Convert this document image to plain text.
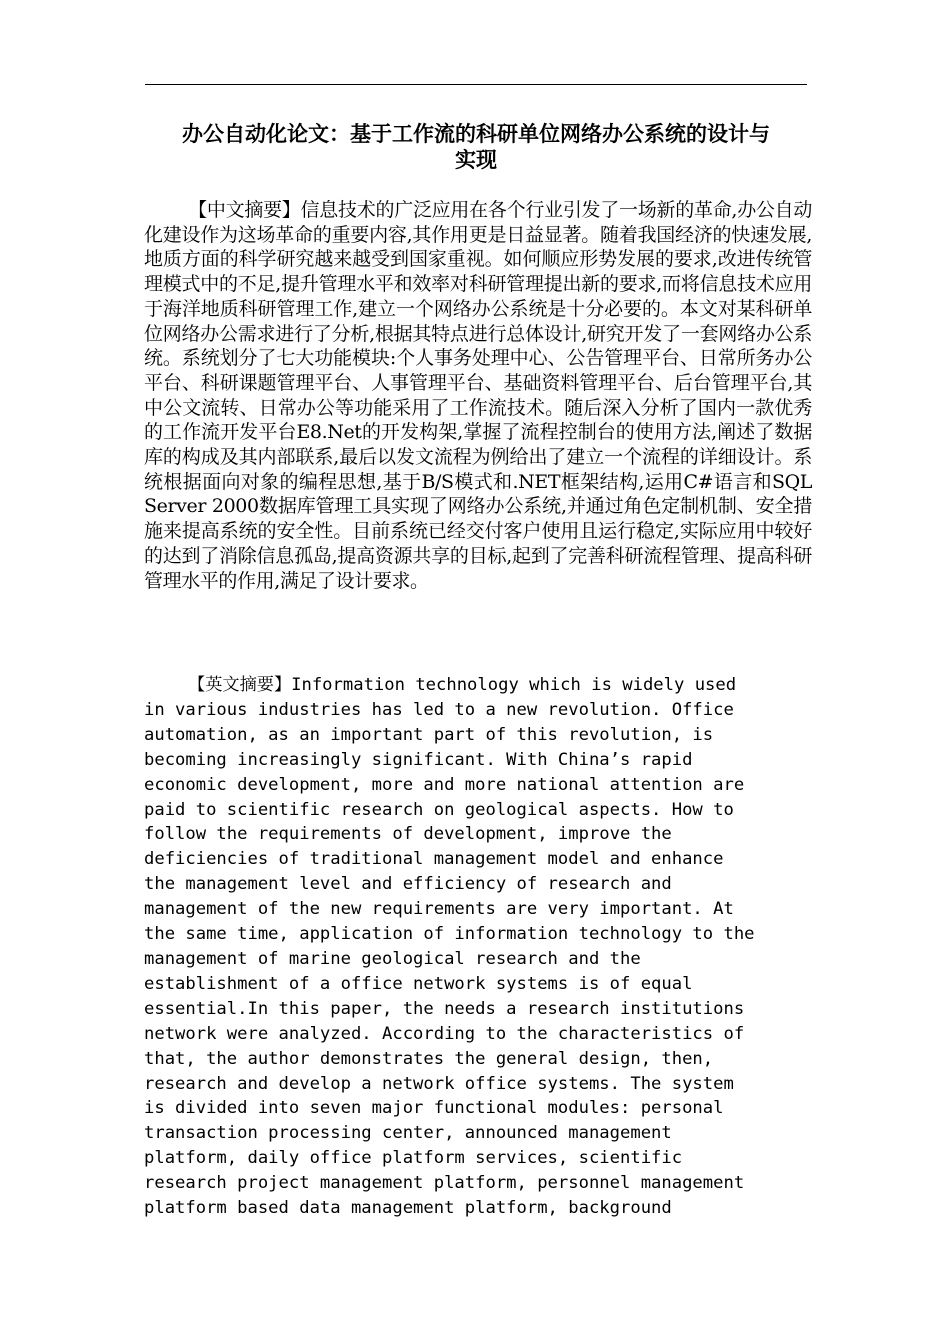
办公自动化论文：基于工作流的科研单位网络办公系统的设计与
实现

【中文摘要】信息技术的广泛应用在各个行业引发了一场新的革命,办公自动化建设作为这场革命的重要内容,其作用更是日益显著。随着我国经济的快速发展,地质方面的科学研究越来越受到国家重视。如何顺应形势发展的要求,改进传统管理模式中的不足,提升管理水平和效率对科研管理提出新的要求,而将信息技术应用于海洋地质科研管理工作,建立一个网络办公系统是十分必要的。本文对某科研单位网络办公需求进行了分析,根据其特点进行总体设计,研究开发了一套网络办公系统。系统划分了七大功能模块:个人事务处理中心、公告管理平台、日常所务办公平台、科研课题管理平台、人事管理平台、基础资料管理平台、后台管理平台,其中公文流转、日常办公等功能采用了工作流技术。随后深入分析了国内一款优秀的工作流开发平台E8.Net的开发构架,掌握了流程控制台的使用方法,阐述了数据库的构成及其内部联系,最后以发文流程为例给出了建立一个流程的详细设计。系统根据面向对象的编程思想,基于B/S模式和.NET框架结构,运用C#语言和SQL Server 2000数据库管理工具实现了网络办公系统,并通过角色定制机制、安全措施来提高系统的安全性。目前系统已经交付客户使用且运行稳定,实际应用中较好的达到了消除信息孤岛,提高资源共享的目标,起到了完善科研流程管理、提高科研管理水平的作用,满足了设计要求。

【英文摘要】Information technology which is widely used
in various industries has led to a new revolution. Office
automation, as an important part of this revolution, is
becoming increasingly significant. With China’s rapid
economic development, more and more national attention are
paid to scientific research on geological aspects. How to
follow the requirements of development, improve the
deficiencies of traditional management model and enhance
the management level and efficiency of research and
management of the new requirements are very important. At
the same time, application of information technology to the
management of marine geological research and the
establishment of a office network systems is of equal
essential.In this paper, the needs a research institutions
network were analyzed. According to the characteristics of
that, the author demonstrates the general design, then,
research and develop a network office systems. The system
is divided into seven major functional modules: personal
transaction processing center, announced management
platform, daily office platform services, scientific
research project management platform, personnel management
platform based data management platform, background
